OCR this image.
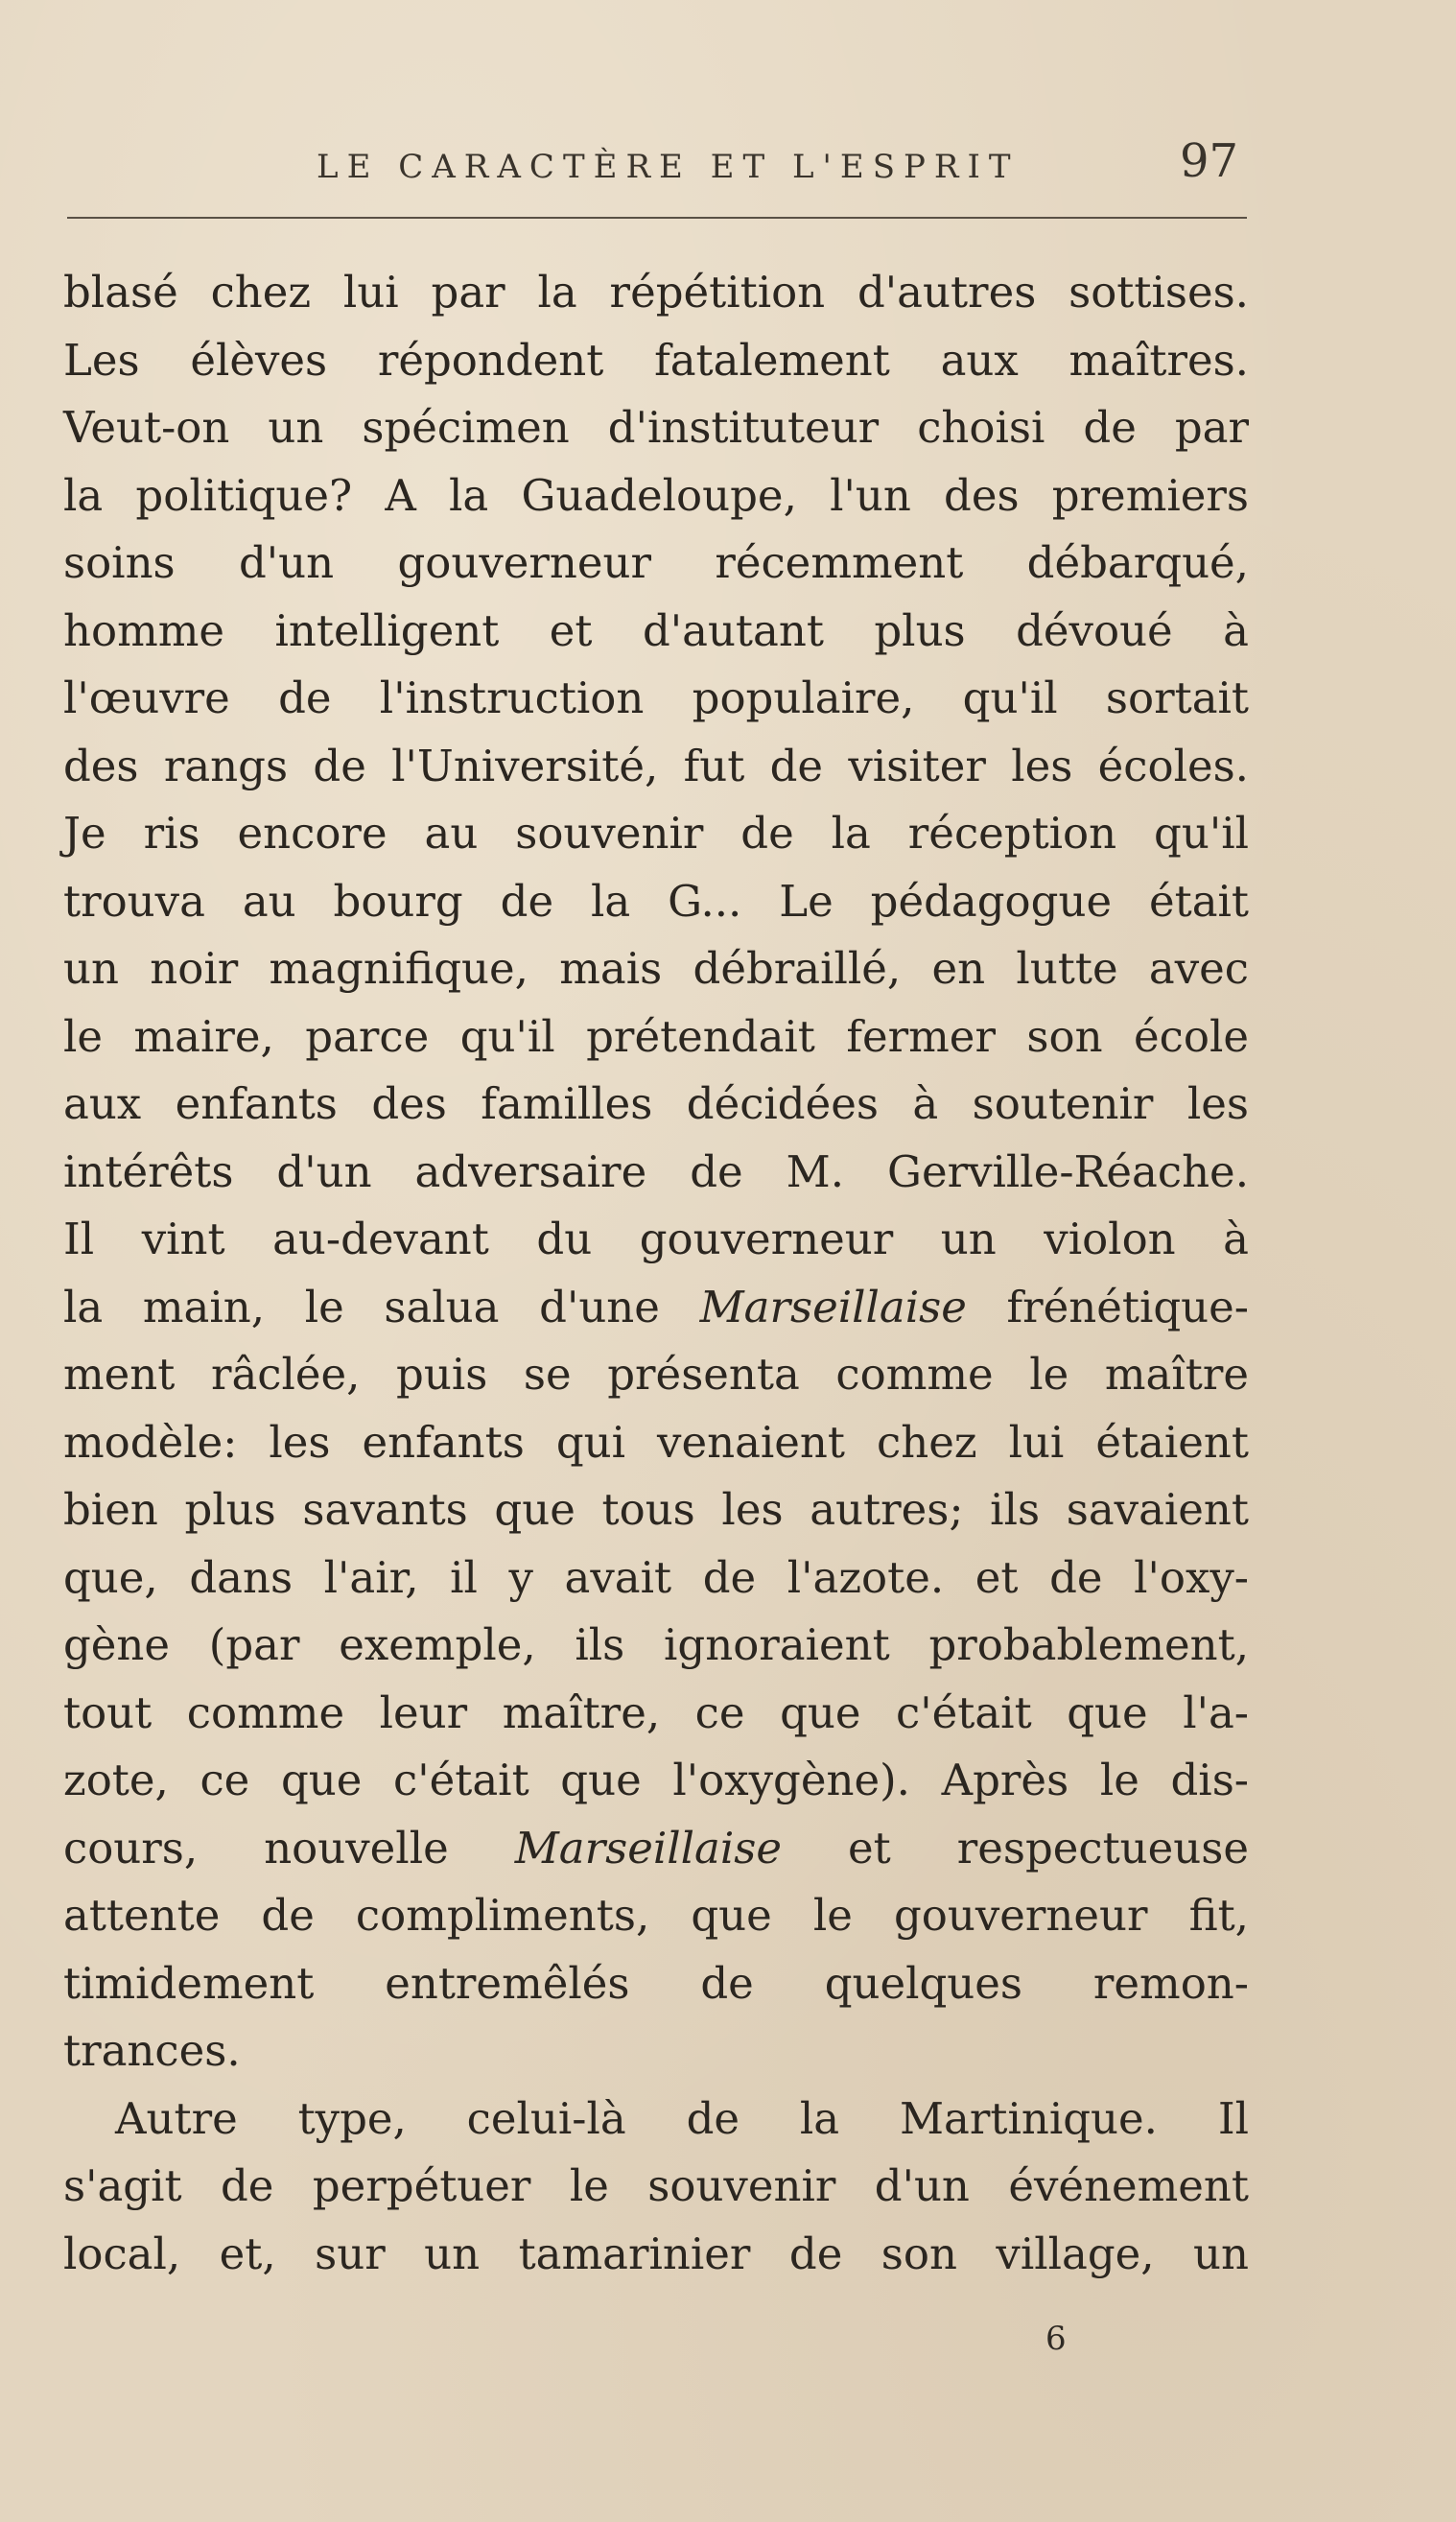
LE CARACTÈRE ET L'ESPRIT	97
blasé chez lui par la répétition d'autres sottises.
Les élèves répondent fatalement aux maîtres.
Veut-on un spécimen d'instituteur choisi de par
la politique? A la Guadeloupe, l'un des premiers
soins d'un gouverneur récemment débarqué,
homme intelligent et d'autant plus dévoué à
l'œuvre de l'instruction populaire, qu'il sortait
des rangs de l'Université, fut de visiter les écoles.
Je ris encore au souvenir de la réception qu'il
trouva au bourg de la G... Le pédagogue était
un noir magnifique, mais débraillé, en lutte avec
le maire, parce qu'il prétendait fermer son école
aux enfants des familles décidées à soutenir les
intérêts d'un adversaire de M. Gerville-Réache.
Il vint au-devant du gouverneur un violon à
la main, le salua d'une Marseillaise frénétique-
ment râclée, puis se présenta comme le maître
modèle: les enfants qui venaient chez lui étaient
bien plus savants que tous les autres; ils savaient
que, dans l'air, il y avait de l'azote. et de l'oxy-
gène (par exemple, ils ignoraient probablement,
tout comme leur maître, ce que c'était que l'a-
zote, ce que c'était que l'oxygène). Après le dis-
cours, nouvelle Marseillaise et respectueuse
attente de compliments, que le gouverneur fit,
timidement entremêlés de quelques remon-
trances.
Autre type, celui-là de la Martinique. Il
s'agit de perpétuer le souvenir d'un événement
local, et, sur un tamarinier de son village, un
6
